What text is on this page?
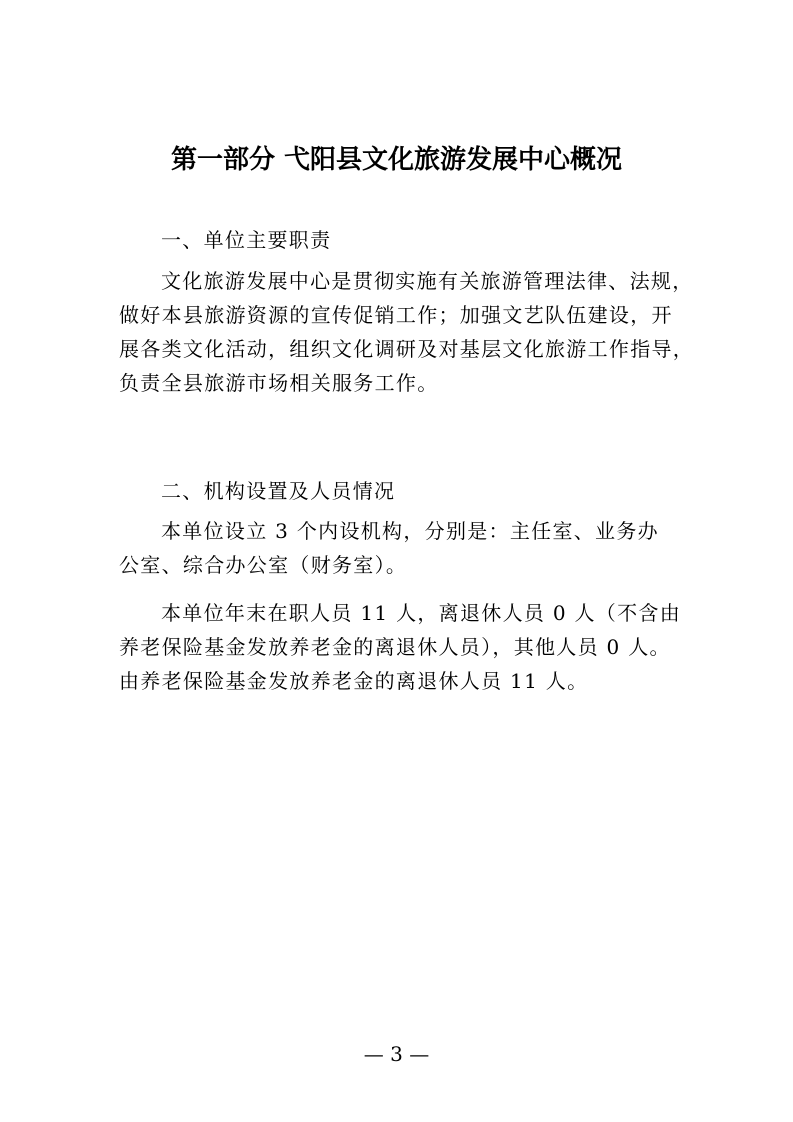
第一部分 弋阳县文化旅游发展中心概况

一、单位主要职责

文化旅游发展中心是贯彻实施有关旅游管理法律、法规，
做好本县旅游资源的宣传促销工作；加强文艺队伍建设，开
展各类文化活动，组织文化调研及对基层文化旅游工作指导，
负责全县旅游市场相关服务工作。

二、机构设置及人员情况

本单位设立 3 个内设机构，分别是：主任室、业务办
公室、综合办公室（财务室）。
本单位年末在职人员 11 人，离退休人员 0 人（不含由
养老保险基金发放养老金的离退休人员），其他人员 0 人。
由养老保险基金发放养老金的离退休人员 11 人。

— 3 —
